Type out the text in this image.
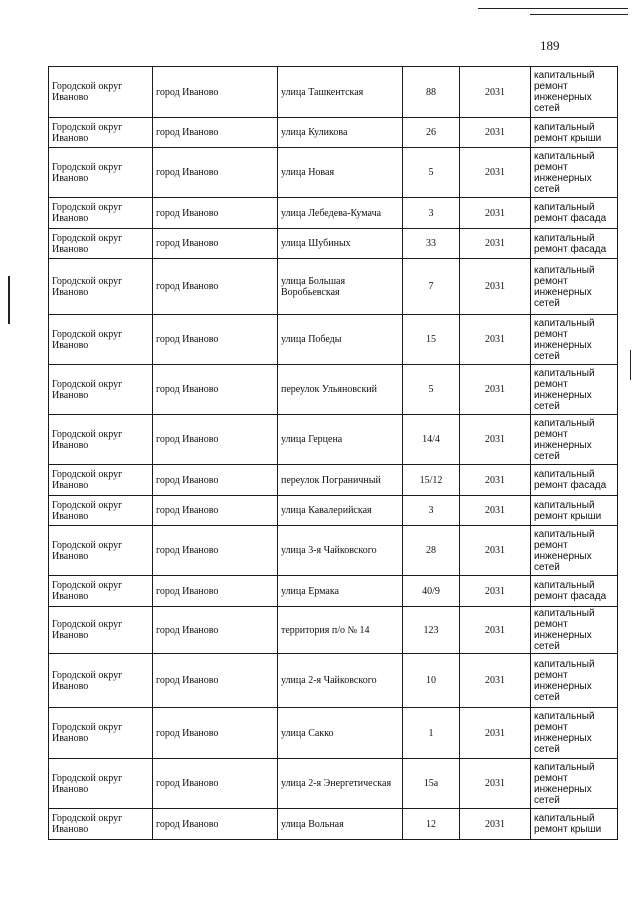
189
Городской округ Иваново	город Иваново	улица Ташкентская	88	2031	капитальный ремонт инженерных сетей
Городской округ Иваново	город Иваново	улица Куликова	26	2031	капитальный ремонт крыши
Городской округ Иваново	город Иваново	улица Новая	5	2031	капитальный ремонт инженерных сетей
Городской округ Иваново	город Иваново	улица Лебедева-Кумача	3	2031	капитальный ремонт фасада
Городской округ Иваново	город Иваново	улица Шубиных	33	2031	капитальный ремонт фасада
Городской округ Иваново	город Иваново	улица Большая Воробьевская	7	2031	капитальный ремонт инженерных сетей
Городской округ Иваново	город Иваново	улица Победы	15	2031	капитальный ремонт инженерных сетей
Городской округ Иваново	город Иваново	переулок Ульяновский	5	2031	капитальный ремонт инженерных сетей
Городской округ Иваново	город Иваново	улица Герцена	14/4	2031	капитальный ремонт инженерных сетей
Городской округ Иваново	город Иваново	переулок Пограничный	15/12	2031	капитальный ремонт фасада
Городской округ Иваново	город Иваново	улица Кавалерийская	3	2031	капитальный ремонт крыши
Городской округ Иваново	город Иваново	улица 3-я Чайковского	28	2031	капитальный ремонт инженерных сетей
Городской округ Иваново	город Иваново	улица Ермака	40/9	2031	капитальный ремонт фасада
Городской округ Иваново	город Иваново	территория п/о № 14	123	2031	капитальный ремонт инженерных сетей
Городской округ Иваново	город Иваново	улица 2-я Чайковского	10	2031	капитальный ремонт инженерных сетей
Городской округ Иваново	город Иваново	улица Сакко	1	2031	капитальный ремонт инженерных сетей
Городской округ Иваново	город Иваново	улица 2-я Энергетическая	15а	2031	капитальный ремонт инженерных сетей
Городской округ Иваново	город Иваново	улица Вольная	12	2031	капитальный ремонт крыши
